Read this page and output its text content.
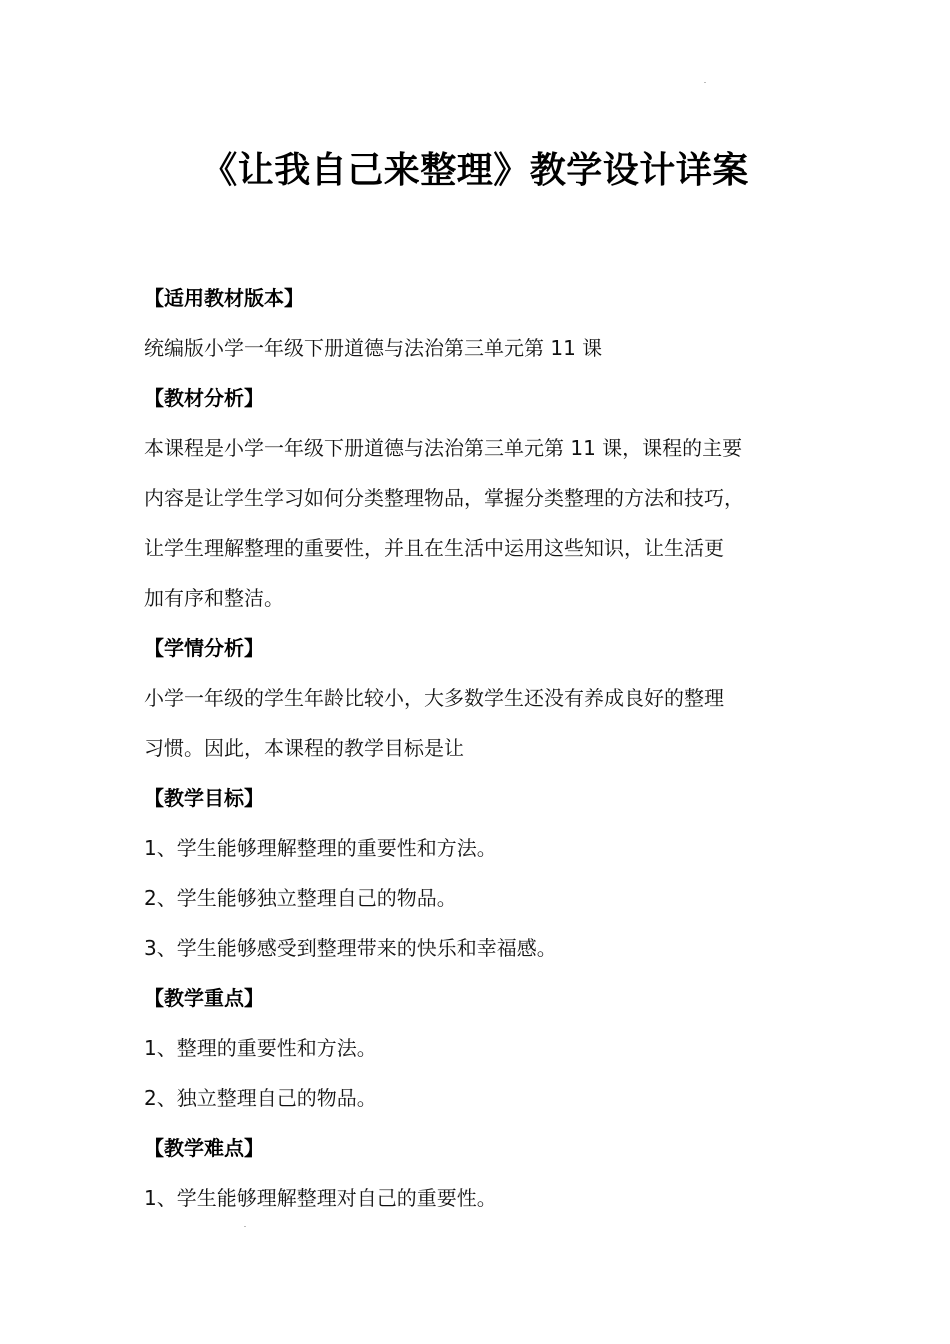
《让我自己来整理》教学设计详案
【适用教材版本】
统编版小学一年级下册道德与法治第三单元第 11 课
【教材分析】
本课程是小学一年级下册道德与法治第三单元第 11 课，课程的主要
内容是让学生学习如何分类整理物品，掌握分类整理的方法和技巧，
让学生理解整理的重要性，并且在生活中运用这些知识，让生活更
加有序和整洁。
【学情分析】
小学一年级的学生年龄比较小，大多数学生还没有养成良好的整理
习惯。因此，本课程的教学目标是让
【教学目标】
1、学生能够理解整理的重要性和方法。
2、学生能够独立整理自己的物品。
3、学生能够感受到整理带来的快乐和幸福感。
【教学重点】
1、整理的重要性和方法。
2、独立整理自己的物品。
【教学难点】
1、学生能够理解整理对自己的重要性。
